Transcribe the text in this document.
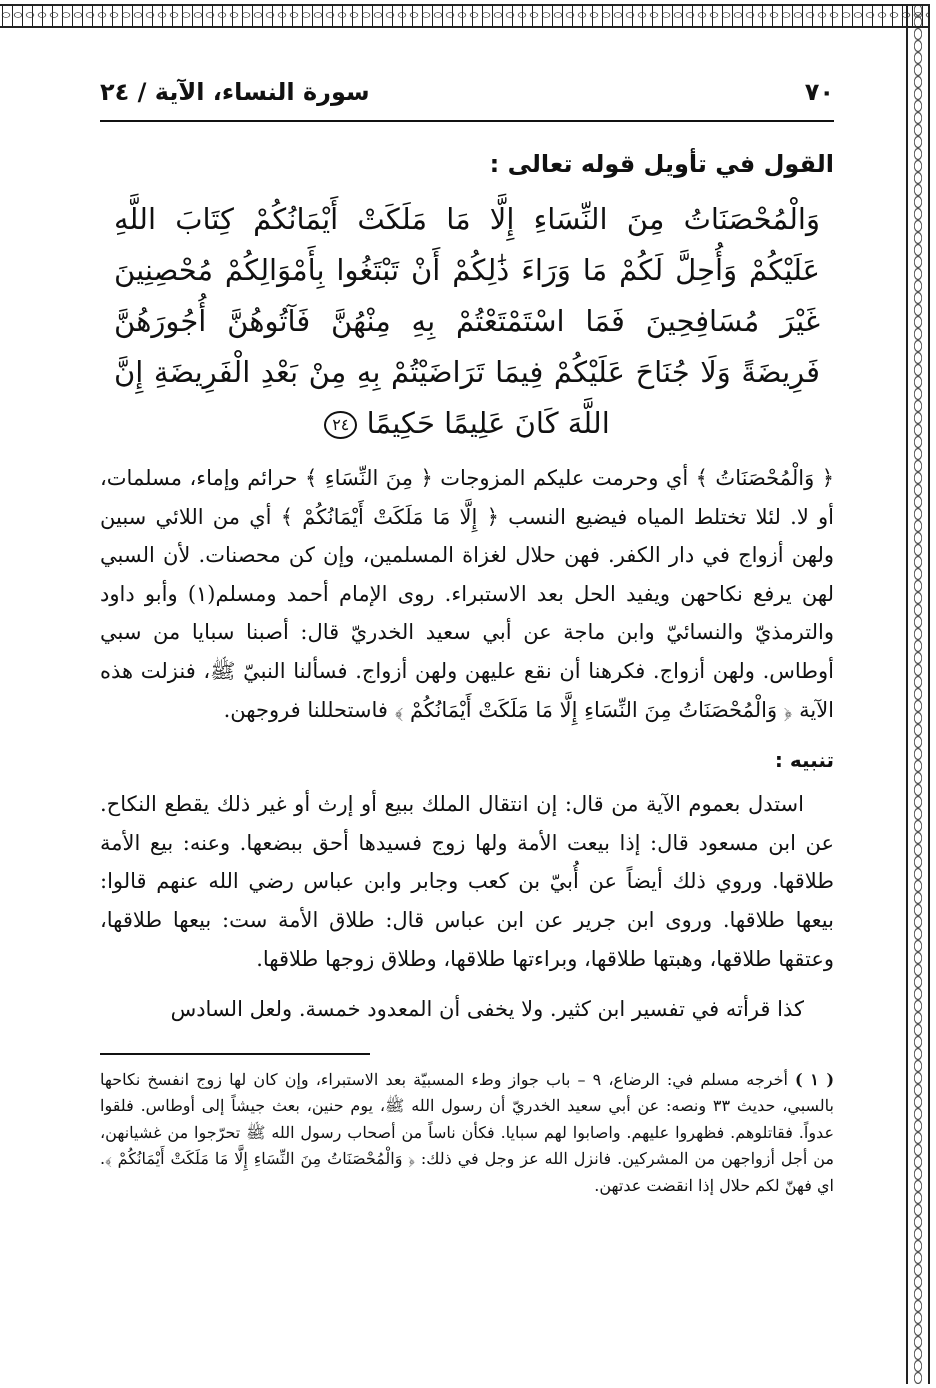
٧٠
سورة النساء، الآية / ٢٤
القول في تأويل قوله تعالى :
وَالْمُحْصَنَاتُ مِنَ النِّسَاءِ إِلَّا مَا مَلَكَتْ أَيْمَانُكُمْ كِتَابَ اللَّهِ عَلَيْكُمْ وَأُحِلَّ لَكُمْ مَا وَرَاءَ ذَٰلِكُمْ أَنْ تَبْتَغُوا بِأَمْوَالِكُمْ مُحْصِنِينَ غَيْرَ مُسَافِحِينَ فَمَا اسْتَمْتَعْتُمْ بِهِ مِنْهُنَّ فَآتُوهُنَّ أُجُورَهُنَّ فَرِيضَةً وَلَا جُنَاحَ عَلَيْكُمْ فِيمَا تَرَاضَيْتُمْ بِهِ مِنْ بَعْدِ الْفَرِيضَةِ إِنَّ اللَّهَ كَانَ عَلِيمًا حَكِيمًا ٢٤

﴿ وَالْمُحْصَنَاتُ ﴾ أي وحرمت عليكم المزوجات ﴿ مِنَ النِّسَاءِ ﴾ حرائم وإماء، مسلمات، أو لا. لئلا تختلط المياه فيضيع النسب ﴿ إِلَّا مَا مَلَكَتْ أَيْمَانُكُمْ ﴾ أي من اللائي سبين ولهن أزواج في دار الكفر. فهن حلال لغزاة المسلمين، وإن كن محصنات. لأن السبي لهن يرفع نكاحهن ويفيد الحل بعد الاستبراء. روى الإمام أحمد ومسلم(١) وأبو داود والترمذيّ والنسائيّ وابن ماجة عن أبي سعيد الخدريّ قال: أصبنا سبايا من سبي أوطاس. ولهن أزواج. فكرهنا أن نقع عليهن ولهن أزواج. فسألنا النبيّ ﷺ، فنزلت هذه الآية ﴿ وَالْمُحْصَنَاتُ مِنَ النِّسَاءِ إِلَّا مَا مَلَكَتْ أَيْمَانُكُمْ ﴾ فاستحللنا فروجهن.

تنبيه :

استدل بعموم الآية من قال: إن انتقال الملك ببيع أو إرث أو غير ذلك يقطع النكاح. عن ابن مسعود قال: إذا بيعت الأمة ولها زوج فسيدها أحق ببضعها. وعنه: بيع الأمة طلاقها. وروي ذلك أيضاً عن أُبيّ بن كعب وجابر وابن عباس رضي الله عنهم قالوا: بيعها طلاقها. وروى ابن جرير عن ابن عباس قال: طلاق الأمة ست: بيعها طلاقها، وعتقها طلاقها، وهبتها طلاقها، وبراءتها طلاقها، وطلاق زوجها طلاقها.

كذا قرأته في تفسير ابن كثير. ولا يخفى أن المعدود خمسة. ولعل السادس

( ١ ) أخرجه مسلم في: الرضاع، ٩ – باب جواز وطء المسبيّة بعد الاستبراء، وإن كان لها زوج انفسخ نكاحها بالسبي، حديث ٣٣ ونصه: عن أبي سعيد الخدريّ أن رسول الله ﷺ، يوم حنين، بعث جيشاً إلى أوطاس. فلقوا عدواً. فقاتلوهم. فظهروا عليهم. واصابوا لهم سبايا. فكأن ناساً من أصحاب رسول الله ﷺ تحرّجوا من غشيانهن، من أجل أزواجهن من المشركين. فانزل الله عز وجل في ذلك: ﴿ وَالْمُحْصَنَاتُ مِنَ النِّسَاءِ إِلَّا مَا مَلَكَتْ أَيْمَانُكُمْ ﴾. اي فهنّ لكم حلال إذا انقضت عدتهن.
